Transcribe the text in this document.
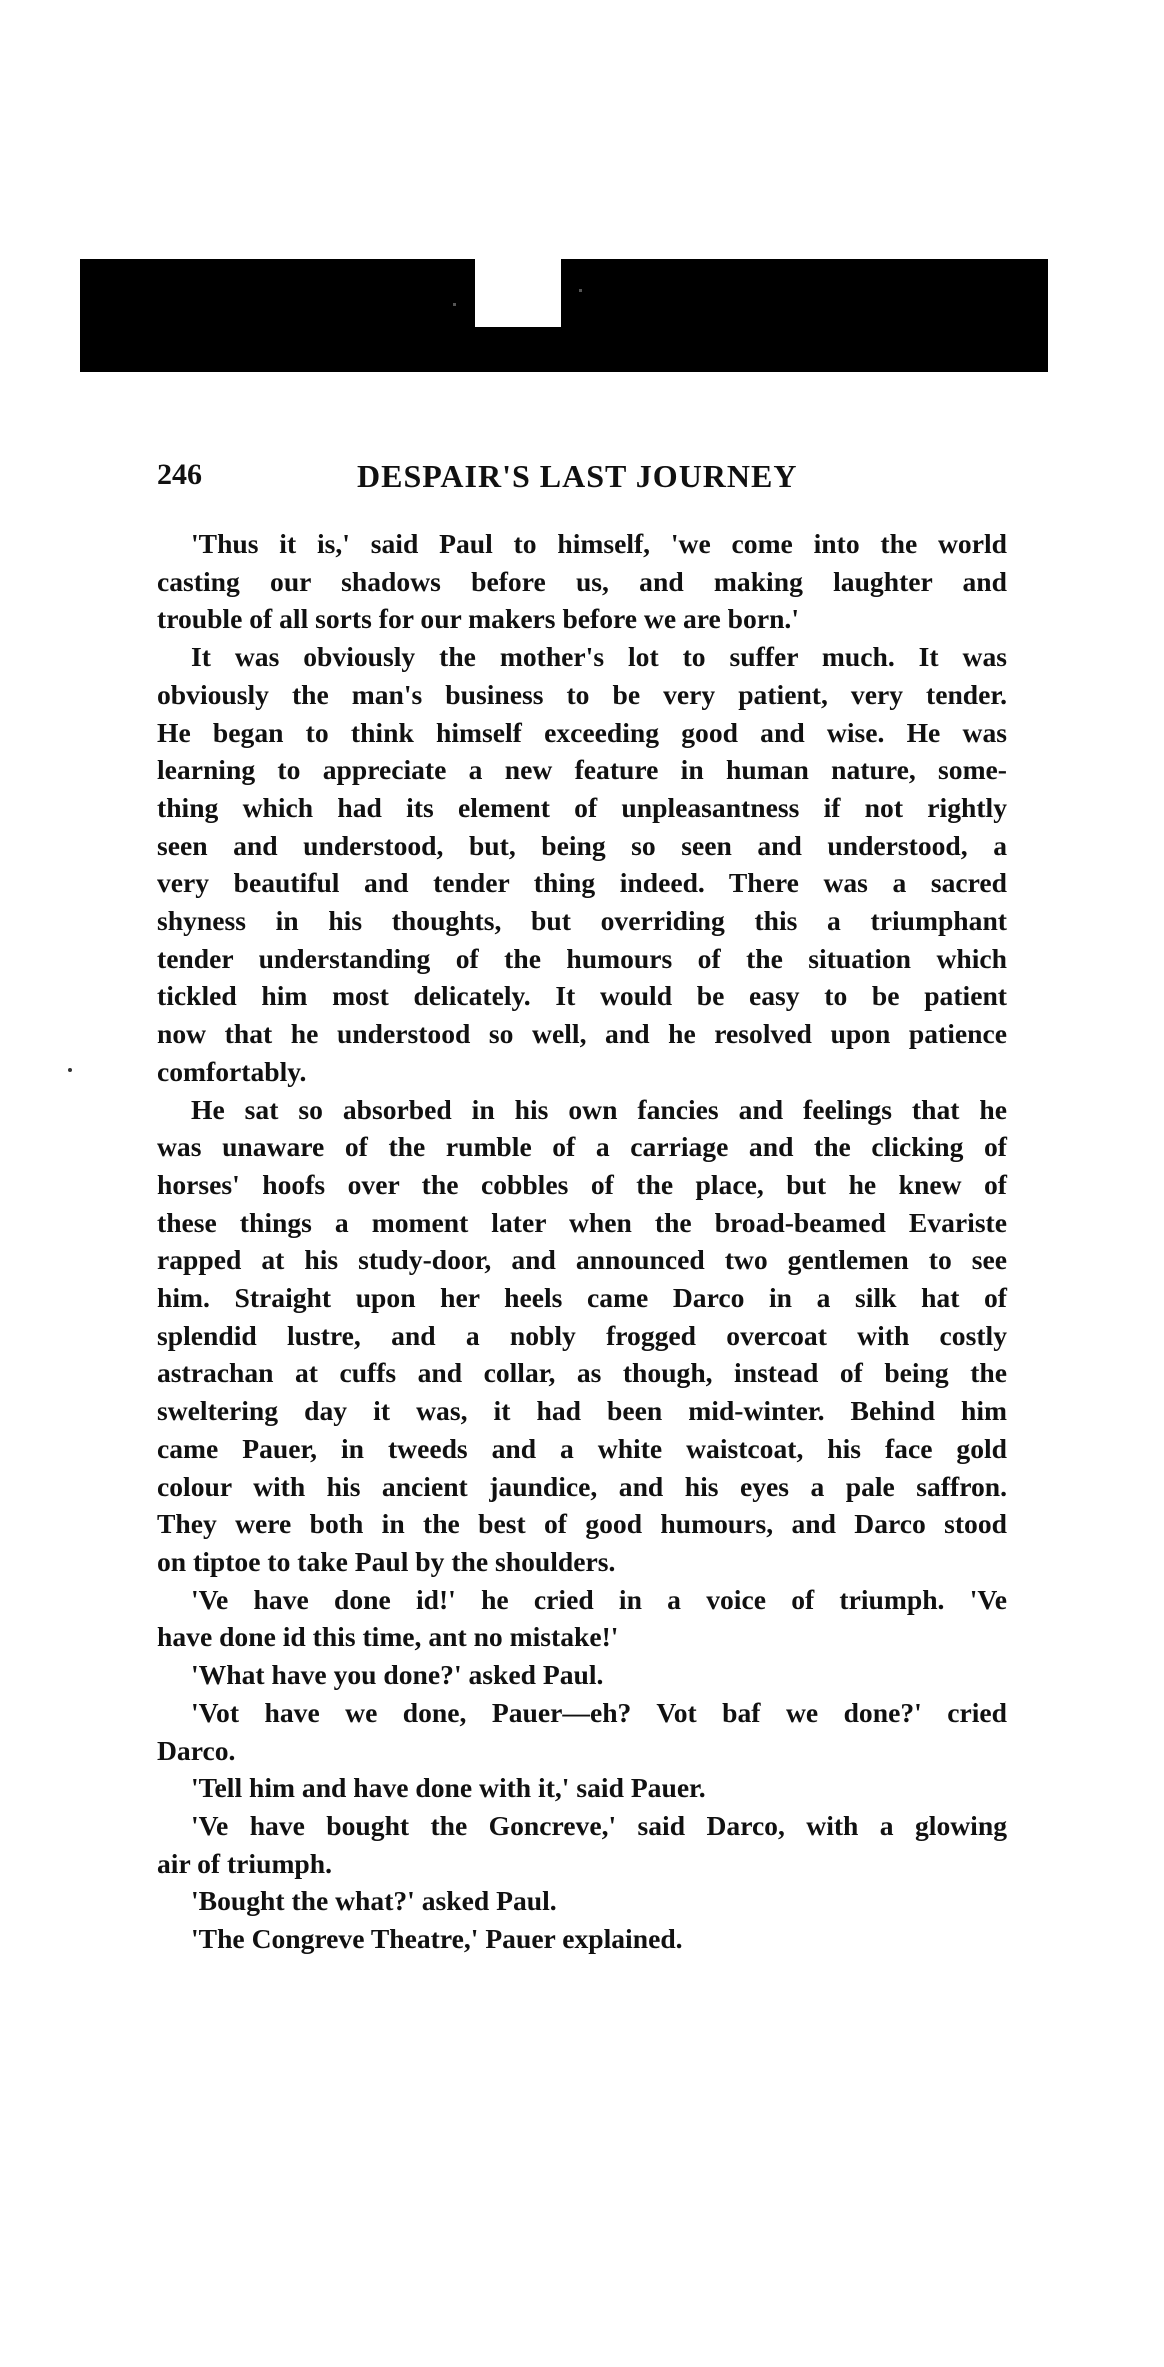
246	DESPAIR'S LAST JOURNEY
'Thus it is,' said Paul to himself, 'we come into the world
casting our shadows before us, and making laughter and
trouble of all sorts for our makers before we are born.'
It was obviously the mother's lot to suffer much. It was
obviously the man's business to be very patient, very tender.
He began to think himself exceeding good and wise. He was
learning to appreciate a new feature in human nature, some-
thing which had its element of unpleasantness if not rightly
seen and understood, but, being so seen and understood, a
very beautiful and tender thing indeed. There was a sacred
shyness in his thoughts, but overriding this a triumphant
tender understanding of the humours of the situation which
tickled him most delicately. It would be easy to be patient
now that he understood so well, and he resolved upon patience
comfortably.
He sat so absorbed in his own fancies and feelings that he
was unaware of the rumble of a carriage and the clicking of
horses' hoofs over the cobbles of the place, but he knew of
these things a moment later when the broad-beamed Evariste
rapped at his study-door, and announced two gentlemen to see
him. Straight upon her heels came Darco in a silk hat of
splendid lustre, and a nobly frogged overcoat with costly
astrachan at cuffs and collar, as though, instead of being the
sweltering day it was, it had been mid-winter. Behind him
came Pauer, in tweeds and a white waistcoat, his face gold
colour with his ancient jaundice, and his eyes a pale saffron.
They were both in the best of good humours, and Darco stood
on tiptoe to take Paul by the shoulders.
'Ve have done id!' he cried in a voice of triumph. 'Ve
have done id this time, ant no mistake!'
'What have you done?' asked Paul.
'Vot have we done, Pauer—eh? Vot baf we done?' cried
Darco.
'Tell him and have done with it,' said Pauer.
'Ve have bought the Goncreve,' said Darco, with a glowing
air of triumph.
'Bought the what?' asked Paul.
'The Congreve Theatre,' Pauer explained.
